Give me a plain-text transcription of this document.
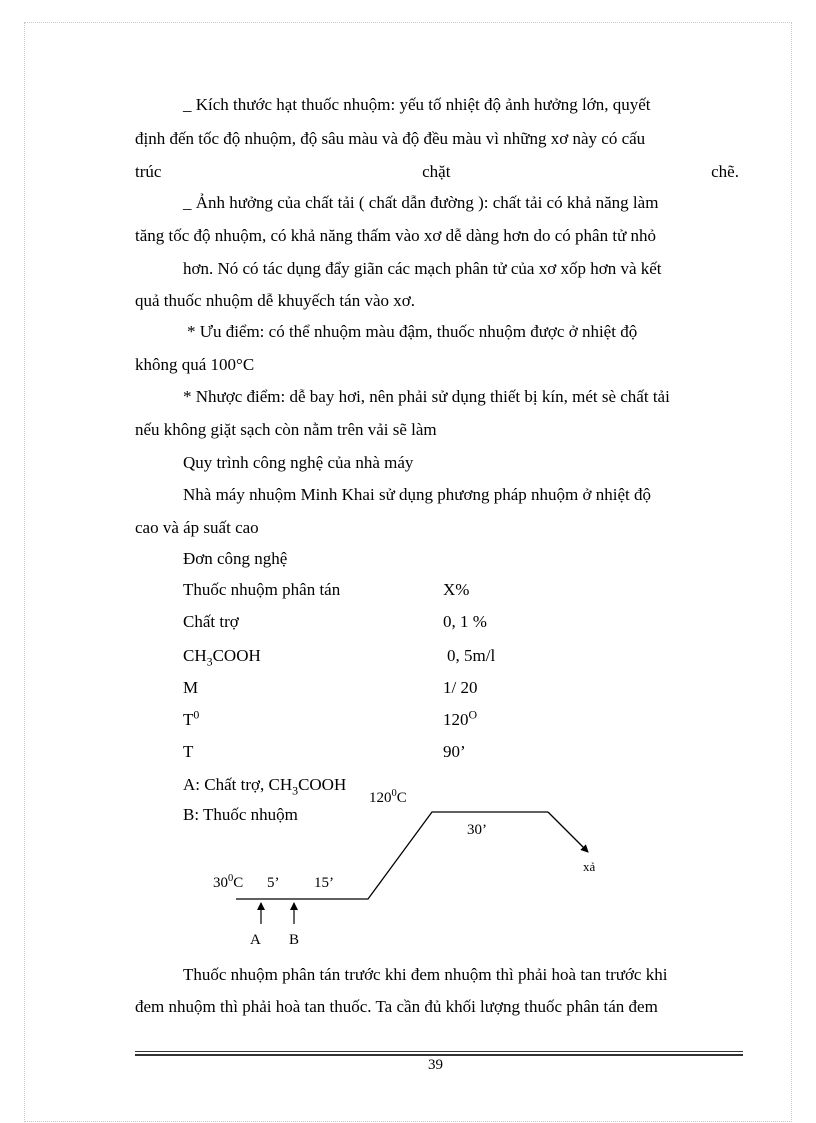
_ Kích thước hạt thuốc nhuộm: yếu tố nhiệt độ ảnh hưởng lớn, quyết
định đến tốc độ nhuộm, độ sâu màu và độ đều màu vì những xơ này có cấu
trúc	chặt	chẽ.
_ Ảnh hưởng của chất tải ( chất dẫn đường ): chất tải có khả năng làm
tăng tốc độ nhuộm, có khả năng thấm vào xơ dễ dàng hơn do có phân tử nhỏ
hơn. Nó có tác dụng đẩy giãn các mạch phân tử của xơ xốp hơn và kết
quả thuốc nhuộm dễ khuyếch tán vào xơ.
* Ưu điểm: có thể nhuộm màu đậm, thuốc nhuộm được ở nhiệt độ
không quá 100°C
* Nhược điểm: dễ bay hơi, nên phải sử dụng thiết bị kín, mét sè chất tải
nếu không giặt sạch còn nằm trên vải sẽ làm
Quy trình công nghệ của nhà máy
Nhà máy nhuộm Minh Khai sử dụng phương pháp nhuộm ở nhiệt độ
cao và áp suất cao
Đơn công nghệ
Thuốc nhuộm phân tán	X%
Chất trợ	0, 1 %
$CH_3COOH$	0, 5m/l
M	1/ 20
$T^0$	$120^O$
T	90’
A: Chất trợ, $CH_3COOH$
B: Thuốc nhuộm
$120^0C$
30’
xả
$30^0C$ 5’ 15’
A B
Thuốc nhuộm phân tán trước khi đem nhuộm thì phải hoà tan trước khi
đem nhuộm thì phải hoà tan thuốc. Ta cần đủ khối lượng thuốc phân tán đem
39
